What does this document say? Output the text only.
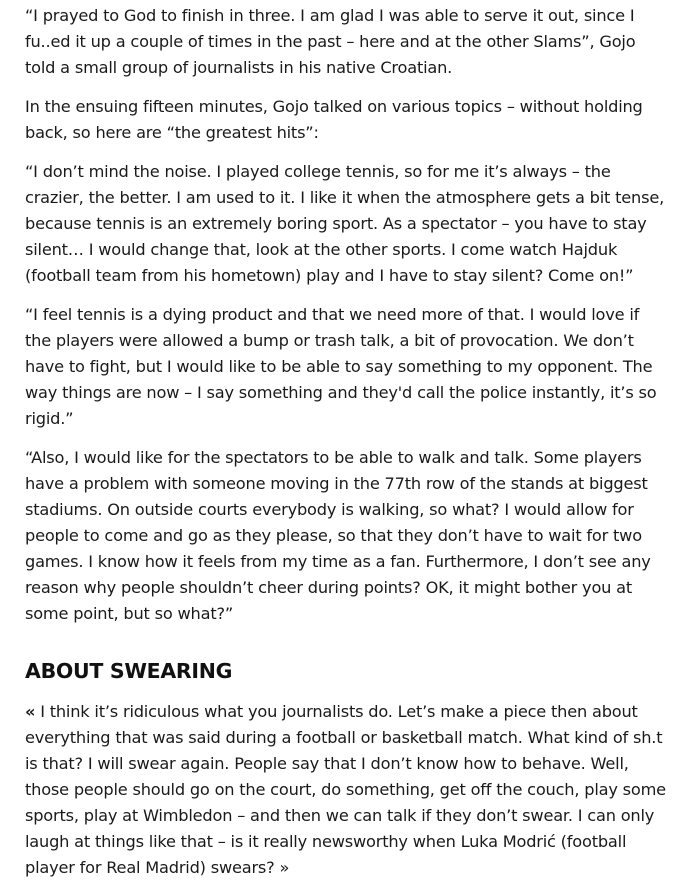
“I prayed to God to finish in three. I am glad I was able to serve it out, since I fu..ed it up a couple of times in the past – here and at the other Slams”, Gojo told a small group of journalists in his native Croatian.

In the ensuing fifteen minutes, Gojo talked on various topics – without holding back, so here are “the greatest hits”:

“I don’t mind the noise. I played college tennis, so for me it’s always – the crazier, the better. I am used to it. I like it when the atmosphere gets a bit tense, because tennis is an extremely boring sport. As a spectator – you have to stay silent… I would change that, look at the other sports. I come watch Hajduk (football team from his hometown) play and I have to stay silent? Come on!”

“I feel tennis is a dying product and that we need more of that. I would love if the players were allowed a bump or trash talk, a bit of provocation. We don’t have to fight, but I would like to be able to say something to my opponent. The way things are now – I say something and they'd call the police instantly, it’s so rigid.”

“Also, I would like for the spectators to be able to walk and talk. Some players have a problem with someone moving in the 77th row of the stands at biggest stadiums. On outside courts everybody is walking, so what? I would allow for people to come and go as they please, so that they don’t have to wait for two games. I know how it feels from my time as a fan. Furthermore, I don’t see any reason why people shouldn’t cheer during points? OK, it might bother you at some point, but so what?”

ABOUT SWEARING

« I think it’s ridiculous what you journalists do. Let’s make a piece then about everything that was said during a football or basketball match. What kind of sh.t is that? I will swear again. People say that I don’t know how to behave. Well, those people should go on the court, do something, get off the couch, play some sports, play at Wimbledon – and then we can talk if they don’t swear. I can only laugh at things like that – is it really newsworthy when Luka Modrić (football player for Real Madrid) swears? »
